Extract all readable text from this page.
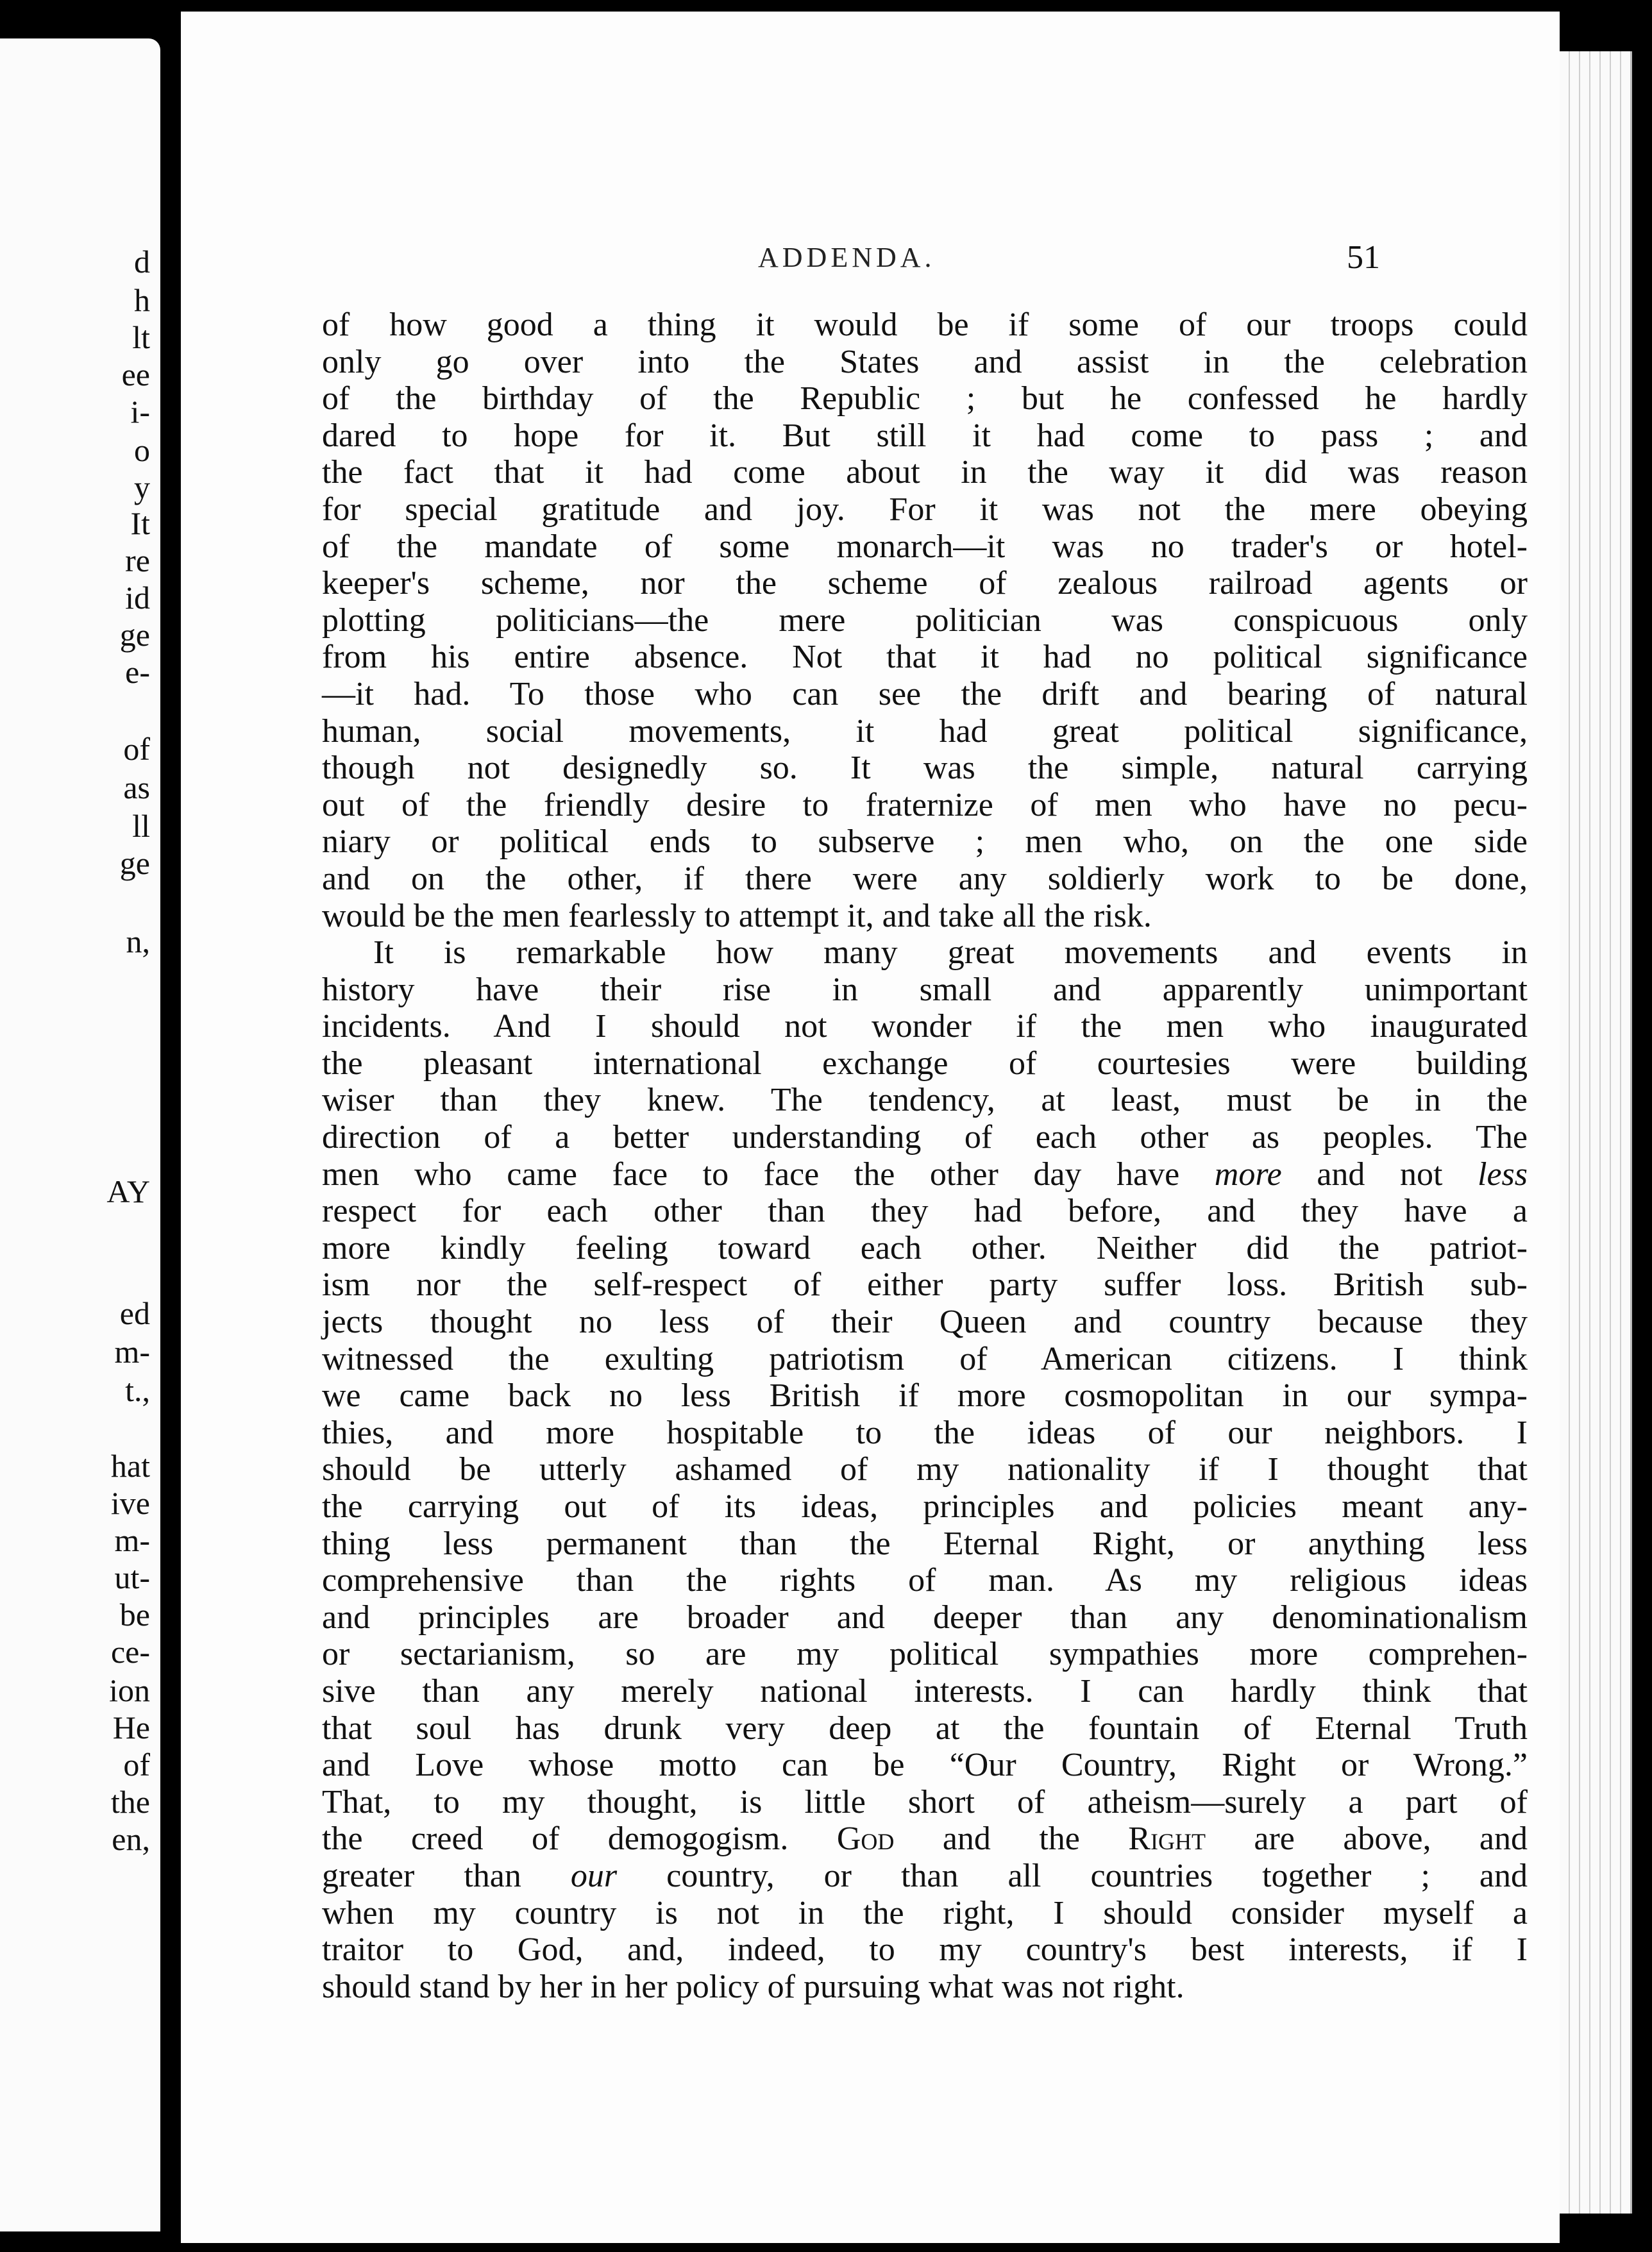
d
h
lt
ee
i-
o
y
It
re
id
ge
e-
of
as
ll
ge
n,
AY
ed
m-
t.,
hat
ive
m-
ut-
be
ce-
ion
He
of
the
en,
ADDENDA.	51
of how good a thing it would be if some of our troops could
only go over into the States and assist in the celebration
of the birthday of the Republic ; but he confessed he hardly
dared to hope for it. But still it had come to pass ; and
the fact that it had come about in the way it did was reason
for special gratitude and joy. For it was not the mere obeying
of the mandate of some monarch—it was no trader's or hotel-
keeper's scheme, nor the scheme of zealous railroad agents or
plotting politicians—the mere politician was conspicuous only
from his entire absence. Not that it had no political significance
—it had. To those who can see the drift and bearing of natural
human, social movements, it had great political significance,
though not designedly so. It was the simple, natural carrying
out of the friendly desire to fraternize of men who have no pecu-
niary or political ends to subserve ; men who, on the one side
and on the other, if there were any soldierly work to be done,
would be the men fearlessly to attempt it, and take all the risk.
It is remarkable how many great movements and events in
history have their rise in small and apparently unimportant
incidents. And I should not wonder if the men who inaugurated
the pleasant international exchange of courtesies were building
wiser than they knew. The tendency, at least, must be in the
direction of a better understanding of each other as peoples. The
men who came face to face the other day have more and not less
respect for each other than they had before, and they have a
more kindly feeling toward each other. Neither did the patriot-
ism nor the self-respect of either party suffer loss. British sub-
jects thought no less of their Queen and country because they
witnessed the exulting patriotism of American citizens. I think
we came back no less British if more cosmopolitan in our sympa-
thies, and more hospitable to the ideas of our neighbors. I
should be utterly ashamed of my nationality if I thought that
the carrying out of its ideas, principles and policies meant any-
thing less permanent than the Eternal Right, or anything less
comprehensive than the rights of man. As my religious ideas
and principles are broader and deeper than any denominationalism
or sectarianism, so are my political sympathies more comprehen-
sive than any merely national interests. I can hardly think that
that soul has drunk very deep at the fountain of Eternal Truth
and Love whose motto can be “Our Country, Right or Wrong.”
That, to my thought, is little short of atheism—surely a part of
the creed of demogogism. God and the Right are above, and
greater than our country, or than all countries together ; and
when my country is not in the right, I should consider myself a
traitor to God, and, indeed, to my country's best interests, if I
should stand by her in her policy of pursuing what was not right.
